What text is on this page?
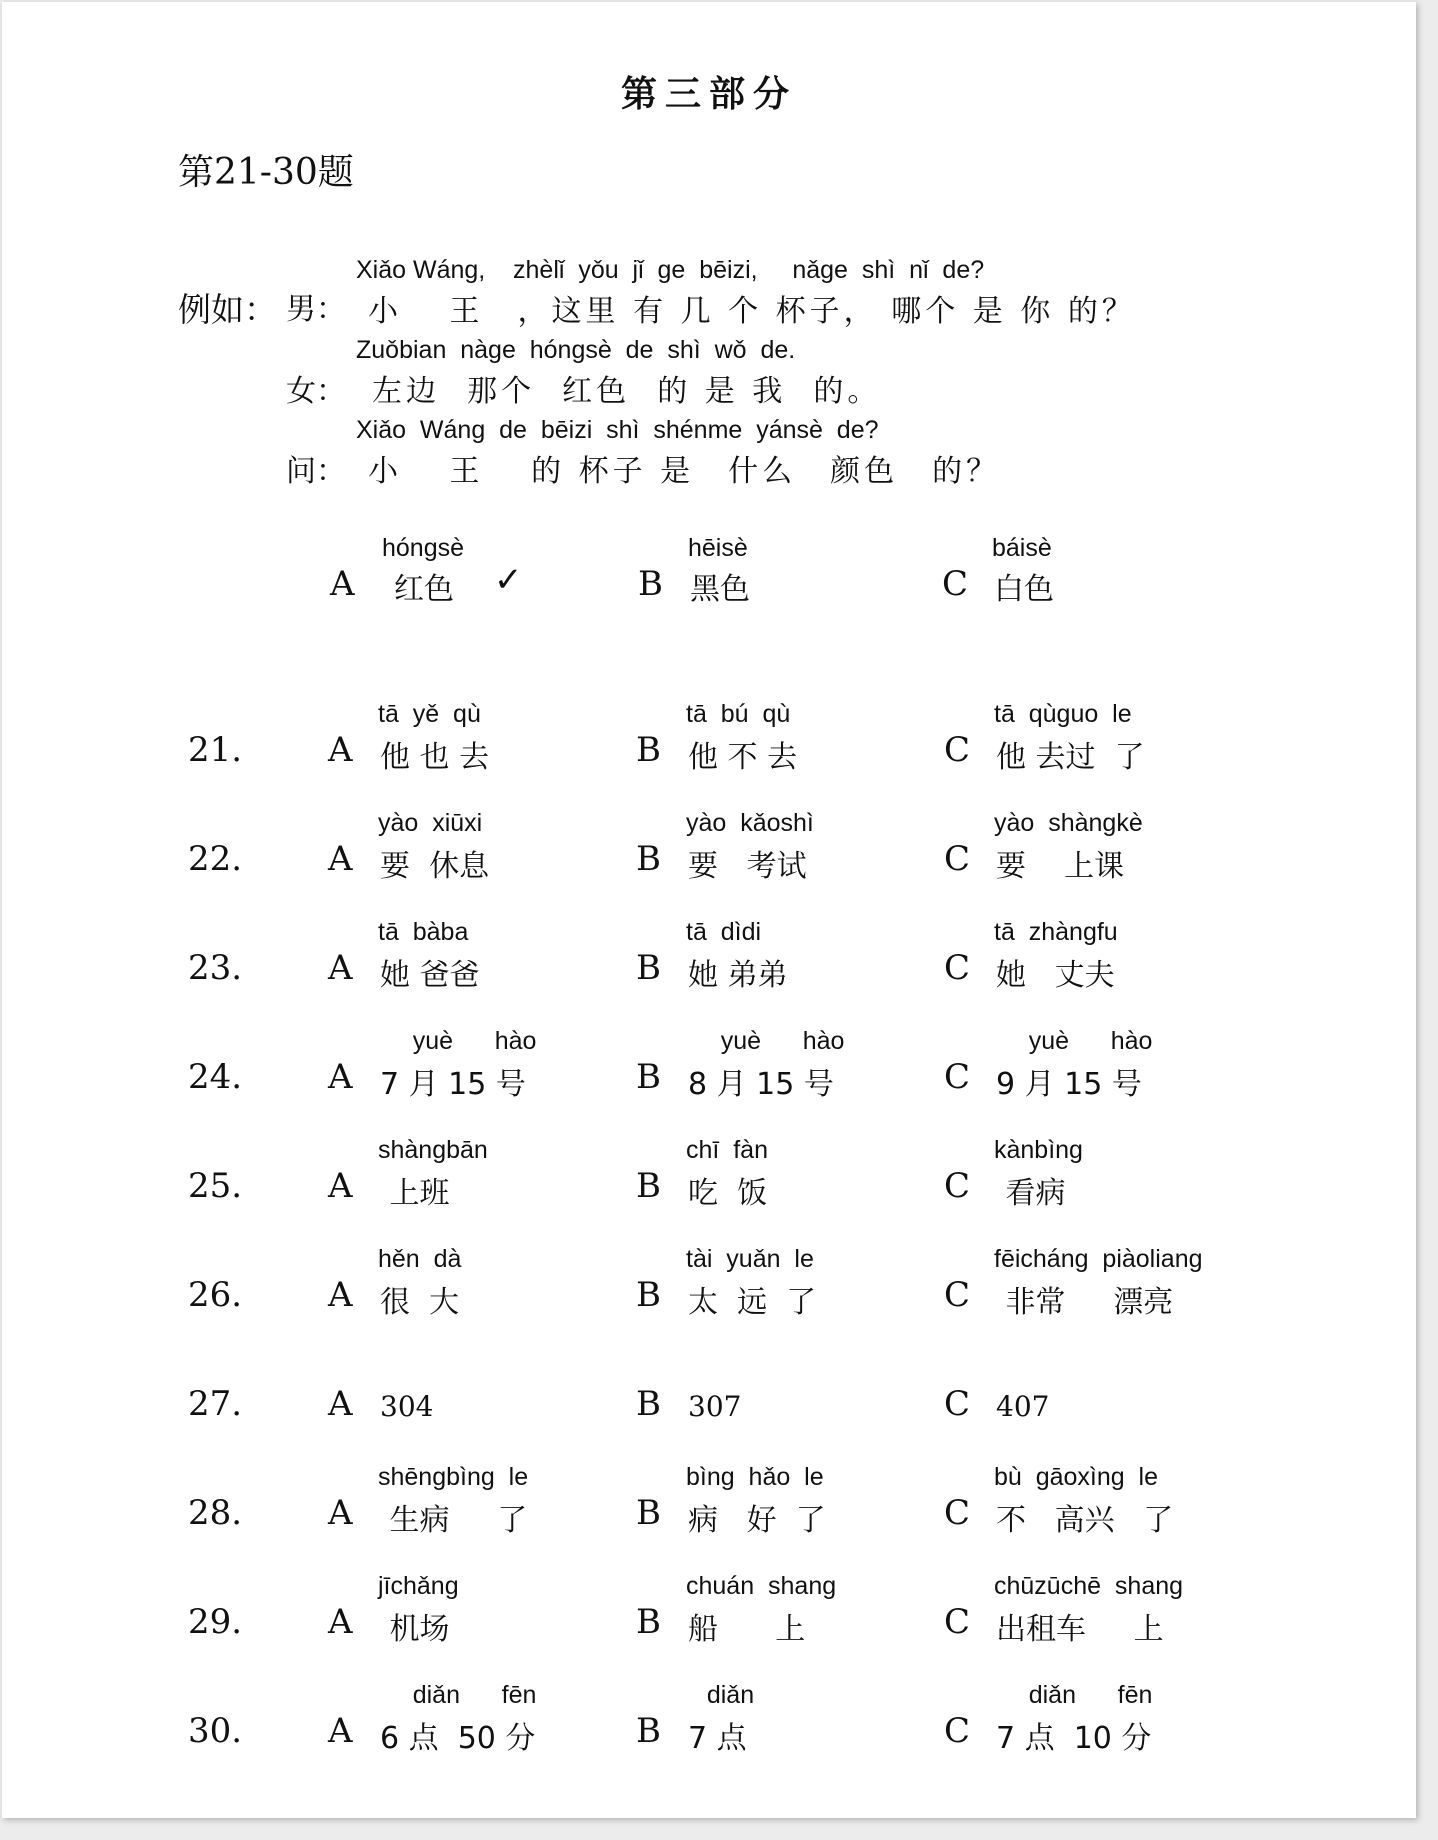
第三部分
第21-30题
例如： 男：
Xiǎo Wáng,    zhèlǐ  yǒu  jǐ  ge  bēizi,     nǎge  shì  nǐ  de?
小　 王　，这里 有 几 个 杯子， 哪个 是 你 的？
女：
Zuǒbian  nàge  hóngsè  de  shì  wǒ  de.
左边  那个  红色  的 是 我  的。
问：
Xiǎo  Wáng  de  bēizi  shì  shénme  yánsè  de?
小　 王　 的 杯子 是　什么　颜色　的？
A
hóngsè
红色 ✓	B
hēisè
黑色	C
báisè
白色
21.	A
tā  yě  qù
他 也 去	B
tā  bú  qù
他 不 去	C
tā  qùguo  le
他 去过  了
22.	A
yào  xiūxi
要  休息	B
yào  kǎoshì
要   考试	C
yào  shàngkè
要    上课
23.	A
tā  bàba
她 爸爸	B
tā  dìdi
她 弟弟	C
tā  zhàngfu
她   丈夫
24.	A
yuè      hào
7 月 15 号	B
yuè      hào
8 月 15 号	C
yuè      hào
9 月 15 号
25.	A
shàngbān
上班	B
chī  fàn
吃  饭	C
kànbìng
看病
26.	A
hěn  dà
很  大	B
tài  yuǎn  le
太  远  了	C
fēicháng  piàoliang
非常     漂亮
27.	A 304	B 307	C 407
28.	A
shēngbìng  le
生病     了	B
bìng  hǎo  le
病   好  了	C
bù  gāoxìng  le
不   高兴   了
29.	A
jīchǎng
机场	B
chuán  shang
船      上	C
chūzūchē  shang
出租车     上
30.	A
diǎn      fēn
6 点  50 分	B
diǎn
7 点	C
diǎn      fēn
7 点  10 分
